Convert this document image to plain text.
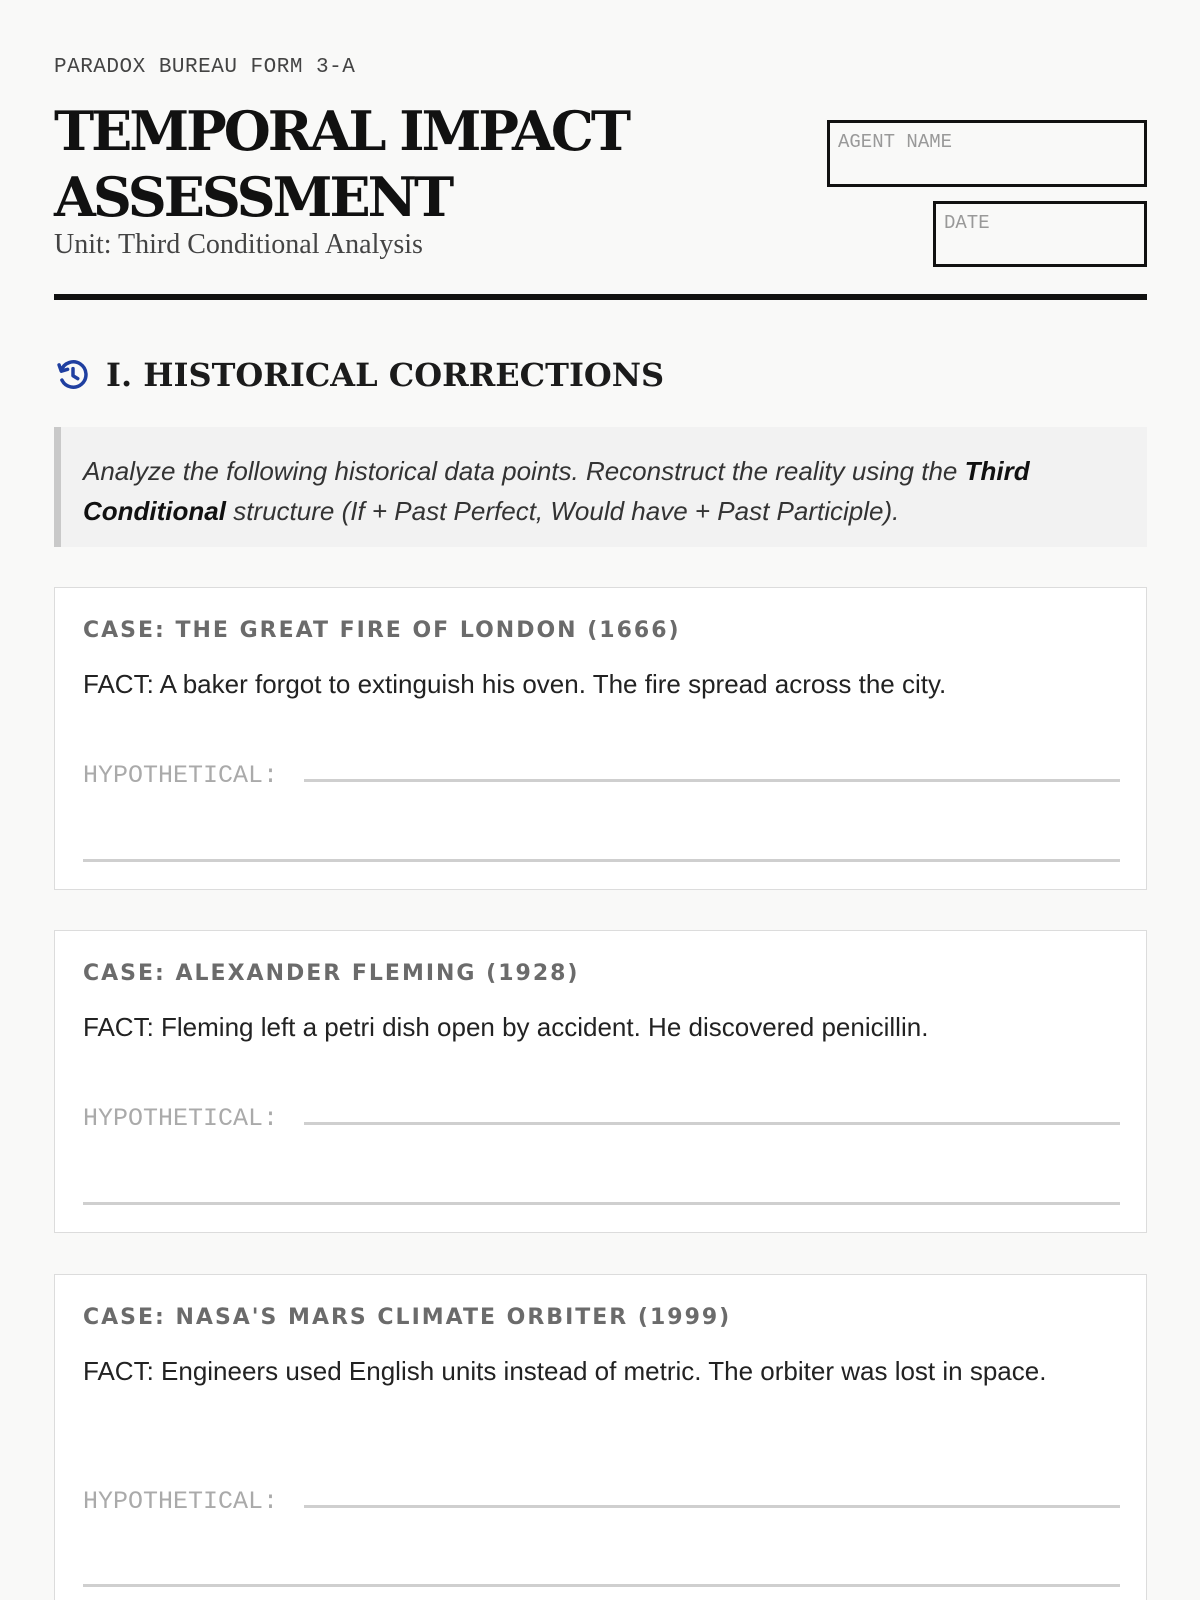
PARADOX BUREAU FORM 3-A
TEMPORAL IMPACT
ASSESSMENT
Unit: Third Conditional Analysis
AGENT NAME
DATE
I. HISTORICAL CORRECTIONS
Analyze the following historical data points. Reconstruct the reality using the Third Conditional structure (If + Past Perfect, Would have + Past Participle).
CASE: THE GREAT FIRE OF LONDON (1666)
FACT: A baker forgot to extinguish his oven. The fire spread across the city.
HYPOTHETICAL:
CASE: ALEXANDER FLEMING (1928)
FACT: Fleming left a petri dish open by accident. He discovered penicillin.
HYPOTHETICAL:
CASE: NASA'S MARS CLIMATE ORBITER (1999)
FACT: Engineers used English units instead of metric. The orbiter was lost in space.
HYPOTHETICAL:
